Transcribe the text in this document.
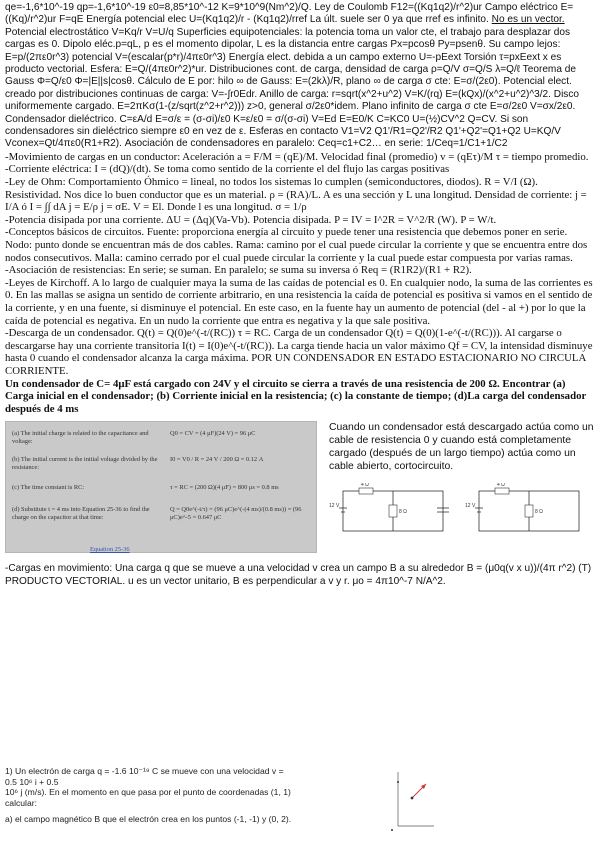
qe=-1,6*10^-19 qp=-1,6*10^-19 ε0=8,85*10^-12 K=9*10^9(Nm^2)/Q. Ley de Coulomb F12=((Kq1q2)/r^2)ur Campo eléctrico E=((Kq)/r^2)ur F=qE Energía potencial elec U=(Kq1q2)/r - (Kq1q2)/rref La últ. suele ser 0 ya que rref es infinito. No es un vector. Potencial electrostático V=Kq/r V=U/q Superficies equipotenciales: la potencia toma un valor cte, el trabajo para desplazar dos cargas es 0. Dipolo eléc.p=qL, p es el momento dipolar, L es la distancia entre cargas Px=pcosθ Py=psenθ. Su campo lejos: E=p/(2πε0r^3) potencial V=(escalar(p*r)/4πε0r^3) Energía elect. debida a un campo externo U=-pEext Torsión τ=pxEext x es producto vectorial. Esfera: E=Q/(4πε0r^2)*ur. Distribuciones cont. de carga, densidad de carga ρ=Q/V σ=Q/S λ=Q/ℓ Teorema de Gauss Φ=Q/ε0 Φ=|E||s|cosθ. Cálculo de E por: hilo ∞ de Gauss: E=(2kλ)/R, plano ∞ de carga σ cte: E=σ/(2ε0). Potencial elect. creado por distribuciones continuas de carga: V=-∫r0Edr. Anillo de carga: r=sqrt(x^2+u^2) V=K/(rq) E=(kQx)/(x^2+u^2)^3/2. Disco uniformemente cargado. E=2πKσ(1-(z/sqrt(z^2+r^2))) z>0, general σ/2ε0*idem. Plano infinito de carga σ cte E=σ/2ε0 V=σx/2ε0.

Condensador dieléctrico. C=εA/d E=σ/ε = (σ-σi)/ε0 K=ε/ε0 = σ/(σ-σi) V=Ed E=E0/K C=KC0 U=(½)CV^2 Q=CV. Si son condensadores sin dieléctrico siempre ε0 en vez de ε. Esferas en contacto V1=V2 Q1'/R1=Q2'/R2 Q1'+Q2'=Q1+Q2 U=KQ/V Vconex=Qt/4πε0(R1+R2). Asociación de condensadores en paralelo: Ceq=c1+C2… en serie: 1/Ceq=1/C1+1/C2

-Movimiento de cargas en un conductor: Aceleración a = F/M = (qE)/M. Velocidad final (promedio) v = (qEτ)/M τ = tiempo promedio.

-Corriente eléctrica: I = (dQ)/(dt). Se toma como sentido de la corriente el del flujo las cargas positivas

-Ley de Ohm: Comportamiento Óhmico = lineal, no todos los sistemas lo cumplen (semiconductores, diodos). R = V/I (Ω). Resistividad. Nos dice lo buen conductor que es un material. ρ = (RA)/L. A es una sección y L una longitud. Densidad de corriente: j = I/A ó I = ∫∫ dA j = E/ρ j = σE. V = El. Donde l es una longitud. σ = 1/ρ

-Potencia disipada por una corriente. ΔU = (Δq)(Va-Vb). Potencia disipada. P = IV = I^2R = V^2/R (W). P = W/t.

-Conceptos básicos de circuitos. Fuente: proporciona energía al circuito y puede tener una resistencia que debemos poner en serie. Nodo: punto donde se encuentran más de dos cables. Rama: camino por el cual puede circular la corriente y que se encuentra entre dos nodos consecutivos. Malla: camino cerrado por el cual puede circular la corriente y la cual puede estar compuesta por varias ramas.

-Asociación de resistencias: En serie; se suman. En paralelo; se suma su inversa ó Req = (R1R2)/(R1 + R2).

-Leyes de Kirchoff. A lo largo de cualquier maya la suma de las caídas de potencial es 0. En cualquier nodo, la suma de las corrientes es 0. En las mallas se asigna un sentido de corriente arbitrario, en una resistencia la caída de potencial es positiva si vamos en el sentido de la corriente, y en una fuente, si disminuye el potencial. En este caso, en la fuente hay un aumento de potencial (del - al +) por lo que la caída de potencial es negativa. En un nudo la corriente que entra es negativa y la que sale positiva.

-Descarga de un condensador. Q(t) = Q(0)e^(-t/(RC)) τ = RC. Carga de un condensador Q(t) = Q(0)(1-e^(-t/(RC))). Al cargarse o descargarse hay una corriente transitoria I(t) = I(0)e^(-t/(RC)). La carga tiende hacia un valor máximo Qf = CV, la intensidad disminuye hasta 0 cuando el condensador alcanza la carga máxima. POR UN CONDENSADOR EN ESTADO ESTACIONARIO NO CIRCULA CORRIENTE.

Un condensador de C= 4μF está cargado con 24V y el circuito se cierra a través de una resistencia de 200 Ω. Encontrar (a) Carga inicial en el condensador; (b) Corriente inicial en la resistencia; (c) la constante de tiempo; (d)La carga del condensador después de 4 ms

(a) The initial charge is related to the capacitance and voltage:
Q0 = CV = (4 μF)(24 V) = 96 μC
(b) The initial current is the initial voltage divided by the resistance:
I0 = V0 / R = 24 V / 200 Ω = 0.12 A
(c) The time constant is RC:	τ = RC = (200 Ω)(4 μF) = 800 μs = 0.8 ms
(d) Substitute t = 4 ms into Equation 25-36 to find the charge on the capacitor at that time:
Q = Q0e^(-t/τ) = (96 μC)e^(-(4 ms)/(0.8 ms)) = (96 μC)e^-5 = 0.647 μC
Equation 25-36

Cuando un condensador está descargado actúa como un cable de resistencia 0 y cuando está completamente cargado (después de un largo tiempo) actúa como un cable abierto, cortocircuito.

4 Ω
8 Ω
12 V
4 Ω
8 Ω
12 V

-Cargas en movimiento: Una carga q que se mueve a una velocidad v crea un campo B a su alrededor B = (μ0q(v x u))/(4π r^2) (T) PRODUCTO VECTORIAL. u es un vector unitario, B es perpendicular a v y r. μo = 4π10^-7 N/A^2.

1) Un electrón de carga q = -1.6 10⁻¹⁹ C se mueve con una velocidad v = 0.5 10⁶ i + 0.5
10⁶ j (m/s). En el momento en que pasa por el punto de coordenadas (1, 1) calcular:
a) el campo magnético B que el electrón crea en los puntos (-1, -1) y (0, 2).
